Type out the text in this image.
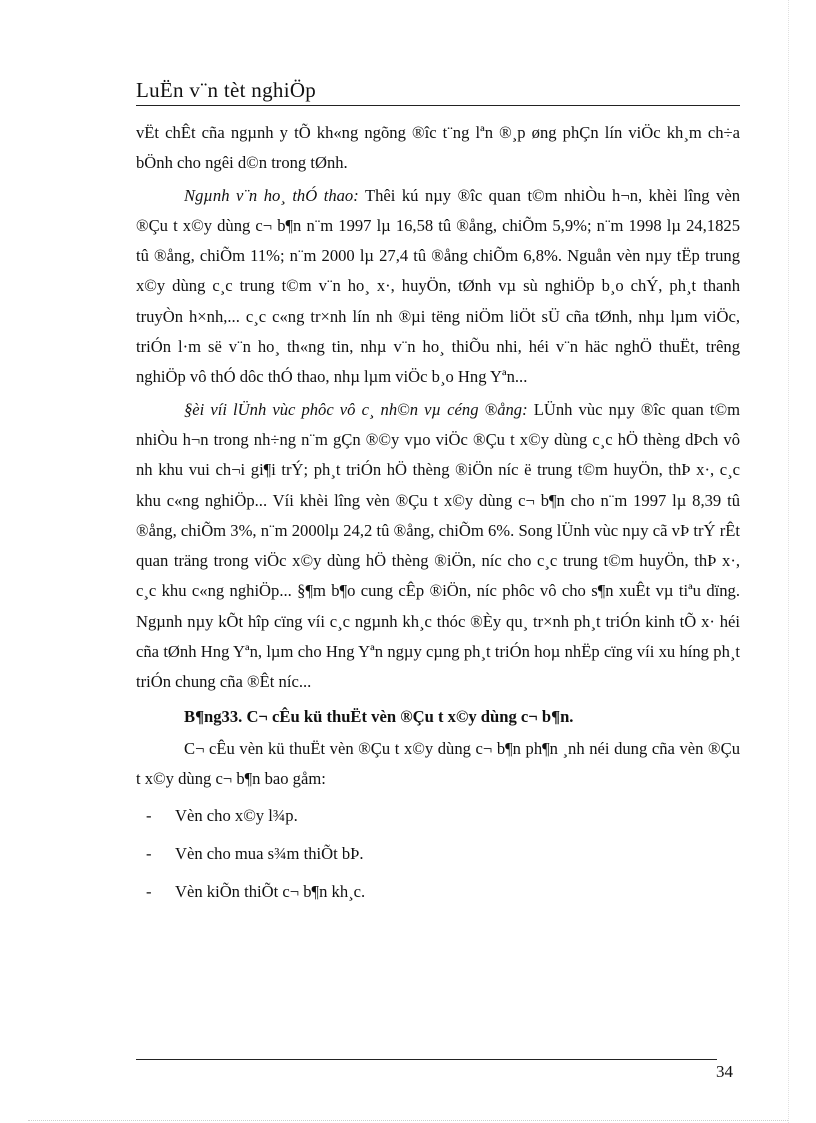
LuËn v¨n tèt nghiÖp

vËt chÊt cña ngµnh y tÕ kh«ng ngõng ®îc t¨ng lªn ®¸p øng phÇn lín viÖc kh¸m ch÷a bÖnh cho ngêi d©n trong tØnh.

Ngµnh v¨n ho¸ thÓ thao: Thêi kú nµy ®îc quan t©m nhiÒu h¬n, khèi lîng vèn ®Çu t x©y dùng c¬ b¶n n¨m 1997 lµ 16,58 tû ®ång, chiÕm 5,9%; n¨m 1998 lµ 24,1825 tû ®ång, chiÕm 11%; n¨m 2000 lµ 27,4 tû ®ång chiÕm 6,8%. Nguån vèn nµy tËp trung x©y dùng c¸c trung t©m v¨n ho¸ x·, huyÖn, tØnh vµ sù nghiÖp b¸o chÝ, ph¸t thanh truyÒn h×nh,... c¸c c«ng tr×nh lín nh ®µi tëng niÖm liÖt sÜ cña tØnh, nhµ lµm viÖc, triÓn l·m së v¨n ho¸ th«ng tin, nhµ v¨n ho¸ thiÕu nhi, héi v¨n häc nghÖ thuËt, trêng nghiÖp vô thÓ dôc thÓ thao, nhµ lµm viÖc b¸o Hng Yªn...

§èi víi lÜnh vùc phôc vô c¸ nh©n vµ céng ®ång: LÜnh vùc nµy ®îc quan t©m nhiÒu h¬n trong nh÷ng n¨m gÇn ®©y vµo viÖc ®Çu t x©y dùng c¸c hÖ thèng dÞch vô nh khu vui ch¬i gi¶i trÝ; ph¸t triÓn hÖ thèng ®iÖn níc ë trung t©m huyÖn, thÞ x·, c¸c khu c«ng nghiÖp... Víi khèi lîng vèn ®Çu t x©y dùng c¬ b¶n cho n¨m 1997 lµ 8,39 tû ®ång, chiÕm 3%, n¨m 2000lµ 24,2 tû ®ång, chiÕm 6%. Song lÜnh vùc nµy cã vÞ trÝ rÊt quan träng trong viÖc x©y dùng hÖ thèng ®iÖn, níc cho c¸c trung t©m huyÖn, thÞ x·, c¸c khu c«ng nghiÖp... §¶m b¶o cung cÊp ®iÖn, níc phôc vô cho s¶n xuÊt vµ tiªu dïng. Ngµnh nµy kÕt hîp cïng víi c¸c ngµnh kh¸c thóc ®Èy qu¸ tr×nh ph¸t triÓn kinh tÕ x· héi cña tØnh Hng Yªn, lµm cho Hng Yªn ngµy cµng ph¸t triÓn hoµ nhËp cïng víi xu híng ph¸t triÓn chung cña ®Êt níc...

B¶ng33. C¬ cÊu kü thuËt vèn ®Çu t x©y dùng c¬ b¶n.

C¬ cÊu vèn kü thuËt vèn ®Çu t x©y dùng c¬ b¶n ph¶n ¸nh néi dung cña vèn ®Çu t x©y dùng c¬ b¶n bao gåm:

- Vèn cho x©y l¾p.
- Vèn cho mua s¾m thiÕt bÞ.
- Vèn kiÕn thiÕt c¬ b¶n kh¸c.
34
